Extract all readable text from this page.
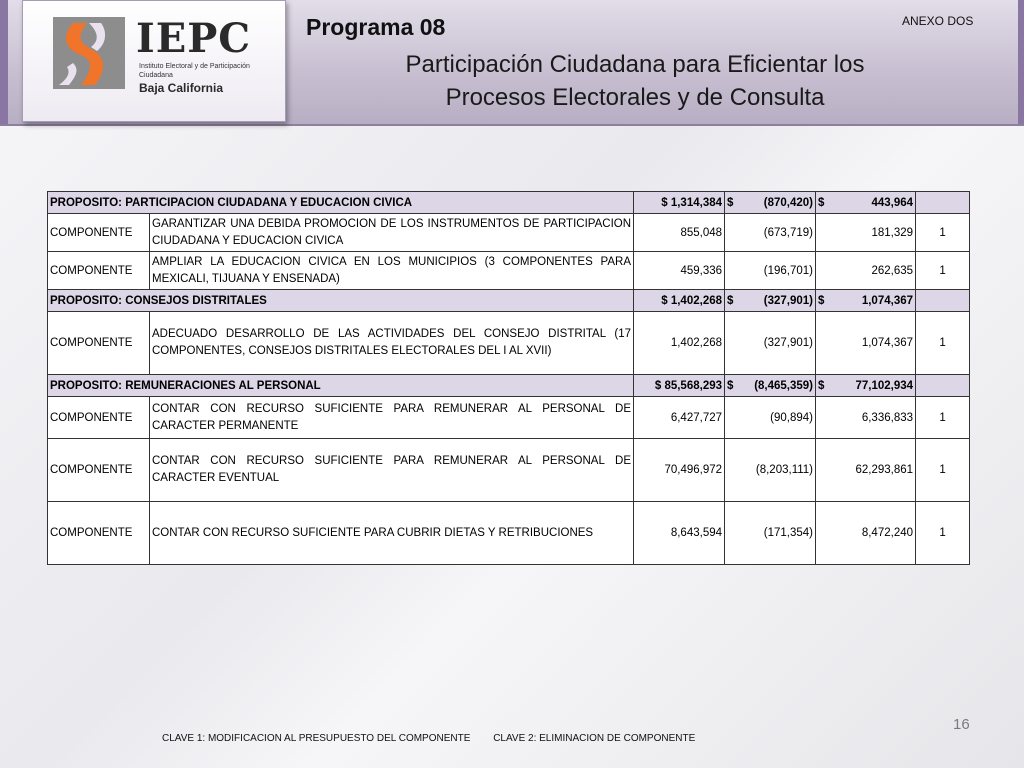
IEPC
Instituto Electoral y de Participación Ciudadana
Baja California
Programa 08
Participación Ciudadana para Eficientar los
Procesos Electorales y de Consulta
ANEXO DOS
PROPOSITO: PARTICIPACION CIUDADANA Y EDUCACION CIVICA		$ 1,314,384	$ (870,420)	$ 443,964	
COMPONENTE	GARANTIZAR UNA DEBIDA PROMOCION DE LOS INSTRUMENTOS DE PARTICIPACION CIUDADANA Y EDUCACION CIVICA	855,048	(673,719)	181,329	1
COMPONENTE	AMPLIAR LA EDUCACION CIVICA EN LOS MUNICIPIOS (3 COMPONENTES PARA MEXICALI, TIJUANA Y ENSENADA)	459,336	(196,701)	262,635	1
PROPOSITO: CONSEJOS DISTRITALES		$ 1,402,268	$ (327,901)	$ 1,074,367	
COMPONENTE	ADECUADO DESARROLLO DE LAS ACTIVIDADES DEL CONSEJO DISTRITAL (17 COMPONENTES, CONSEJOS DISTRITALES ELECTORALES DEL I AL XVII)	1,402,268	(327,901)	1,074,367	1
PROPOSITO: REMUNERACIONES AL PERSONAL		$ 85,568,293	$ (8,465,359)	$ 77,102,934	
COMPONENTE	CONTAR CON RECURSO SUFICIENTE PARA REMUNERAR AL PERSONAL DE CARACTER PERMANENTE	6,427,727	(90,894)	6,336,833	1
COMPONENTE	CONTAR CON RECURSO SUFICIENTE PARA REMUNERAR AL PERSONAL DE CARACTER EVENTUAL	70,496,972	(8,203,111)	62,293,861	1
COMPONENTE	CONTAR CON RECURSO SUFICIENTE PARA CUBRIR DIETAS Y RETRIBUCIONES	8,643,594	(171,354)	8,472,240	1
16
CLAVE 1: MODIFICACION AL PRESUPUESTO DEL COMPONENTE CLAVE 2: ELIMINACION DE COMPONENTE
